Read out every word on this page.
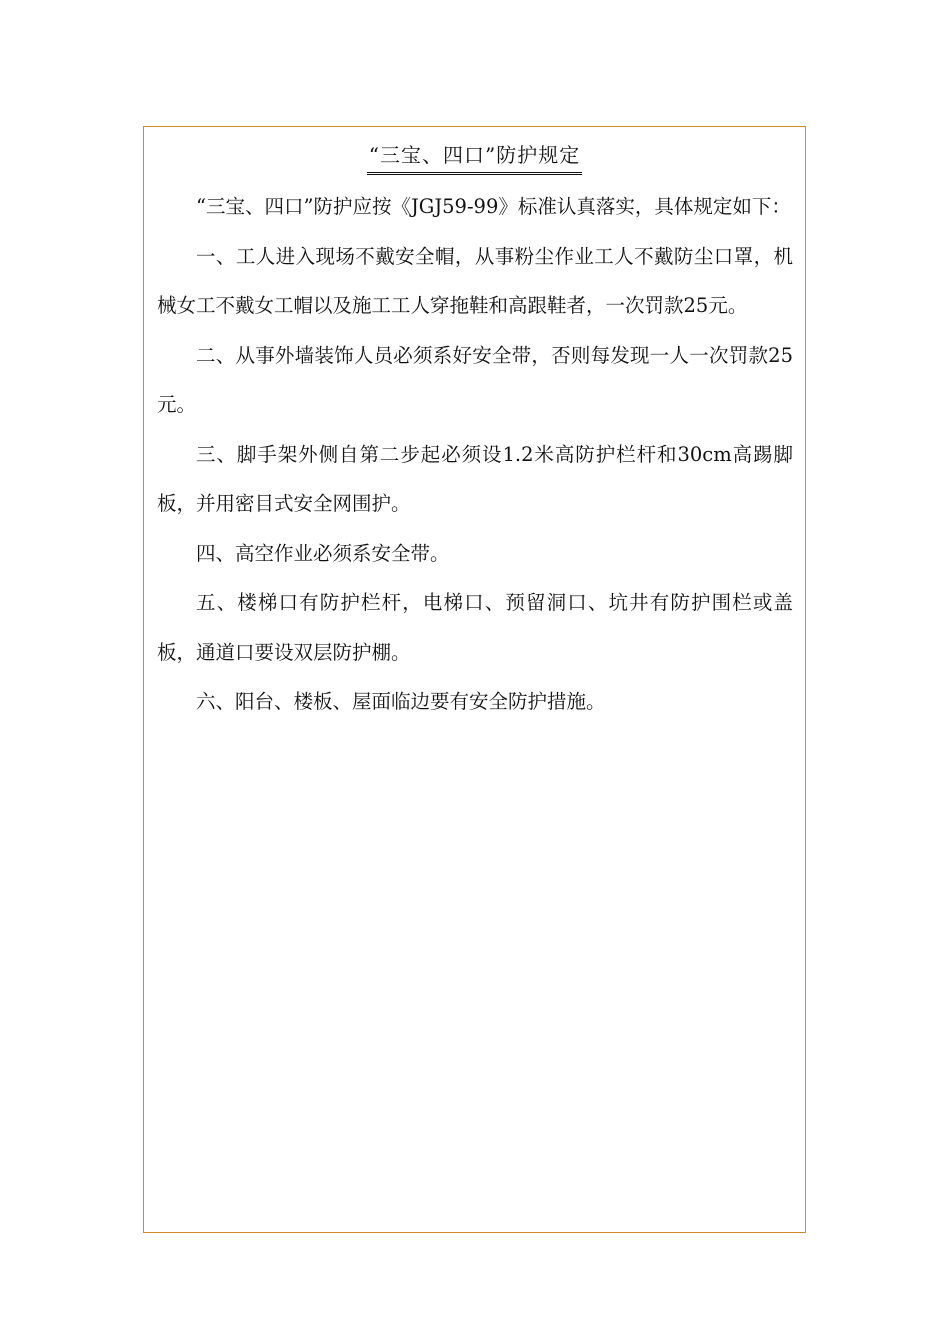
“三宝、四口”防护规定

“三宝、四口”防护应按《JGJ59-99》标准认真落实，具体规定如下：

一、工人进入现场不戴安全帽，从事粉尘作业工人不戴防尘口罩，机械女工不戴女工帽以及施工工人穿拖鞋和高跟鞋者，一次罚款25元。

二、从事外墙装饰人员必须系好安全带，否则每发现一人一次罚款25元。

三、脚手架外侧自第二步起必须设1.2米高防护栏杆和30cm高踢脚板，并用密目式安全网围护。

四、高空作业必须系安全带。

五、楼梯口有防护栏杆，电梯口、预留洞口、坑井有防护围栏或盖板，通道口要设双层防护棚。

六、阳台、楼板、屋面临边要有安全防护措施。
